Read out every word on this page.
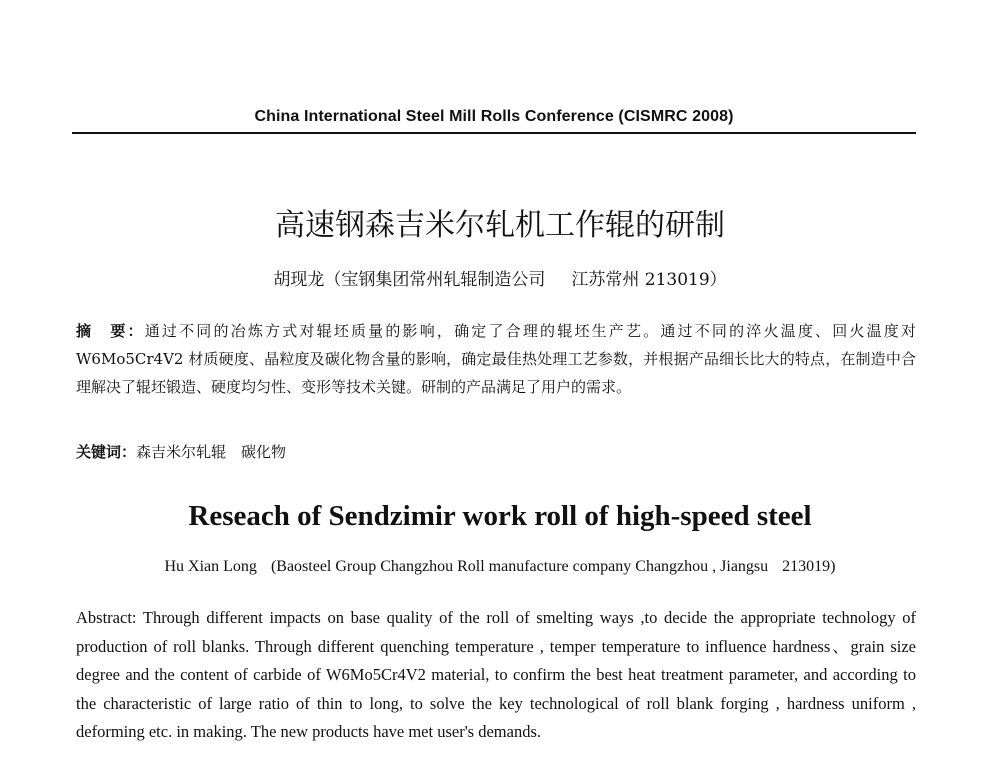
China International Steel Mill Rolls Conference (CISMRC 2008)
高速钢森吉米尔轧机工作辊的研制
胡现龙（宝钢集团常州轧辊制造公司 江苏常州 213019）
摘　要：通过不同的冶炼方式对辊坯质量的影响，确定了合理的辊坯生产艺。通过不同的淬火温度、回火温度对 W6Mo5Cr4V2 材质硬度、晶粒度及碳化物含量的影响，确定最佳热处理工艺参数，并根据产品细长比大的特点，在制造中合理解决了辊坯锻造、硬度均匀性、变形等技术关键。研制的产品满足了用户的需求。
关键词：森吉米尔轧辊　碳化物
Reseach of Sendzimir work roll of high-speed steel
Hu Xian Long (Baosteel Group Changzhou Roll manufacture company Changzhou , Jiangsu 213019)
Abstract: Through different impacts on base quality of the roll of smelting ways ,to decide the appropriate technology of production of roll blanks. Through different quenching temperature , temper temperature to influence hardness、grain size degree and the content of carbide of W6Mo5Cr4V2 material, to confirm the best heat treatment parameter, and according to the characteristic of large ratio of thin to long, to solve the key technological of roll blank forging , hardness uniform , deforming etc. in making. The new products have met user's demands.
